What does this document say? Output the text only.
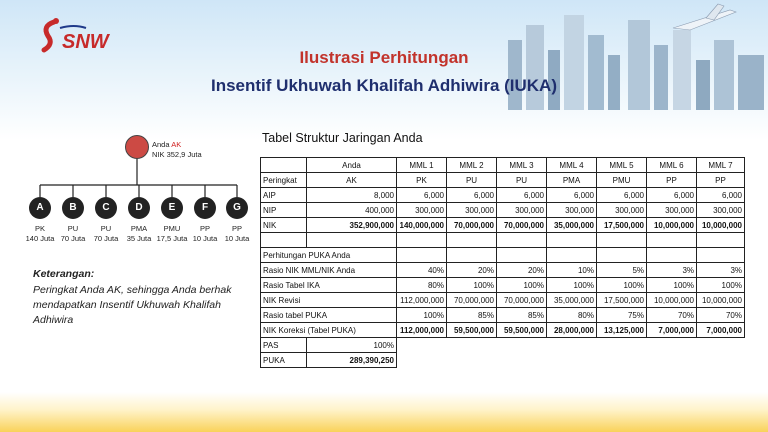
SNW
Ilustrasi Perhitungan
Insentif Ukhuwah Khalifah Adhiwira (IUKA)
Anda AK
NIK 352,9 Juta
A	B	C	D	E	F	G
PK
140 Juta
PU
70 Juta
PU
70 Juta
PMA
35 Juta
PMU
17,5 Juta
PP
10 Juta
PP
10 Juta
Keterangan:
Peringkat Anda AK, sehingga Anda berhak mendapatkan Insentif Ukhuwah Khalifah Adhiwira
Tabel Struktur Jaringan Anda
	Anda	MML 1	MML 2	MML 3	MML 4	MML 5	MML 6	MML 7
Peringkat	AK	PK	PU	PU	PMA	PMU	PP	PP
AIP	8,000	6,000	6,000	6,000	6,000	6,000	6,000	6,000
NIP	400,000	300,000	300,000	300,000	300,000	300,000	300,000	300,000
NIK	352,900,000	140,000,000	70,000,000	70,000,000	35,000,000	17,500,000	10,000,000	10,000,000

Perhitungan PUKA Anda								
Rasio NIK MML/NIK Anda		40%	20%	20%	10%	5%	3%	3%
Rasio Tabel IKA		80%	100%	100%	100%	100%	100%	100%
NIK Revisi		112,000,000	70,000,000	70,000,000	35,000,000	17,500,000	10,000,000	10,000,000
Rasio tabel PUKA		100%	85%	85%	80%	75%	70%	70%
NIK Koreksi (Tabel PUKA)		112,000,000	59,500,000	59,500,000	28,000,000	13,125,000	7,000,000	7,000,000
PAS	100%							
PUKA	289,390,250							
